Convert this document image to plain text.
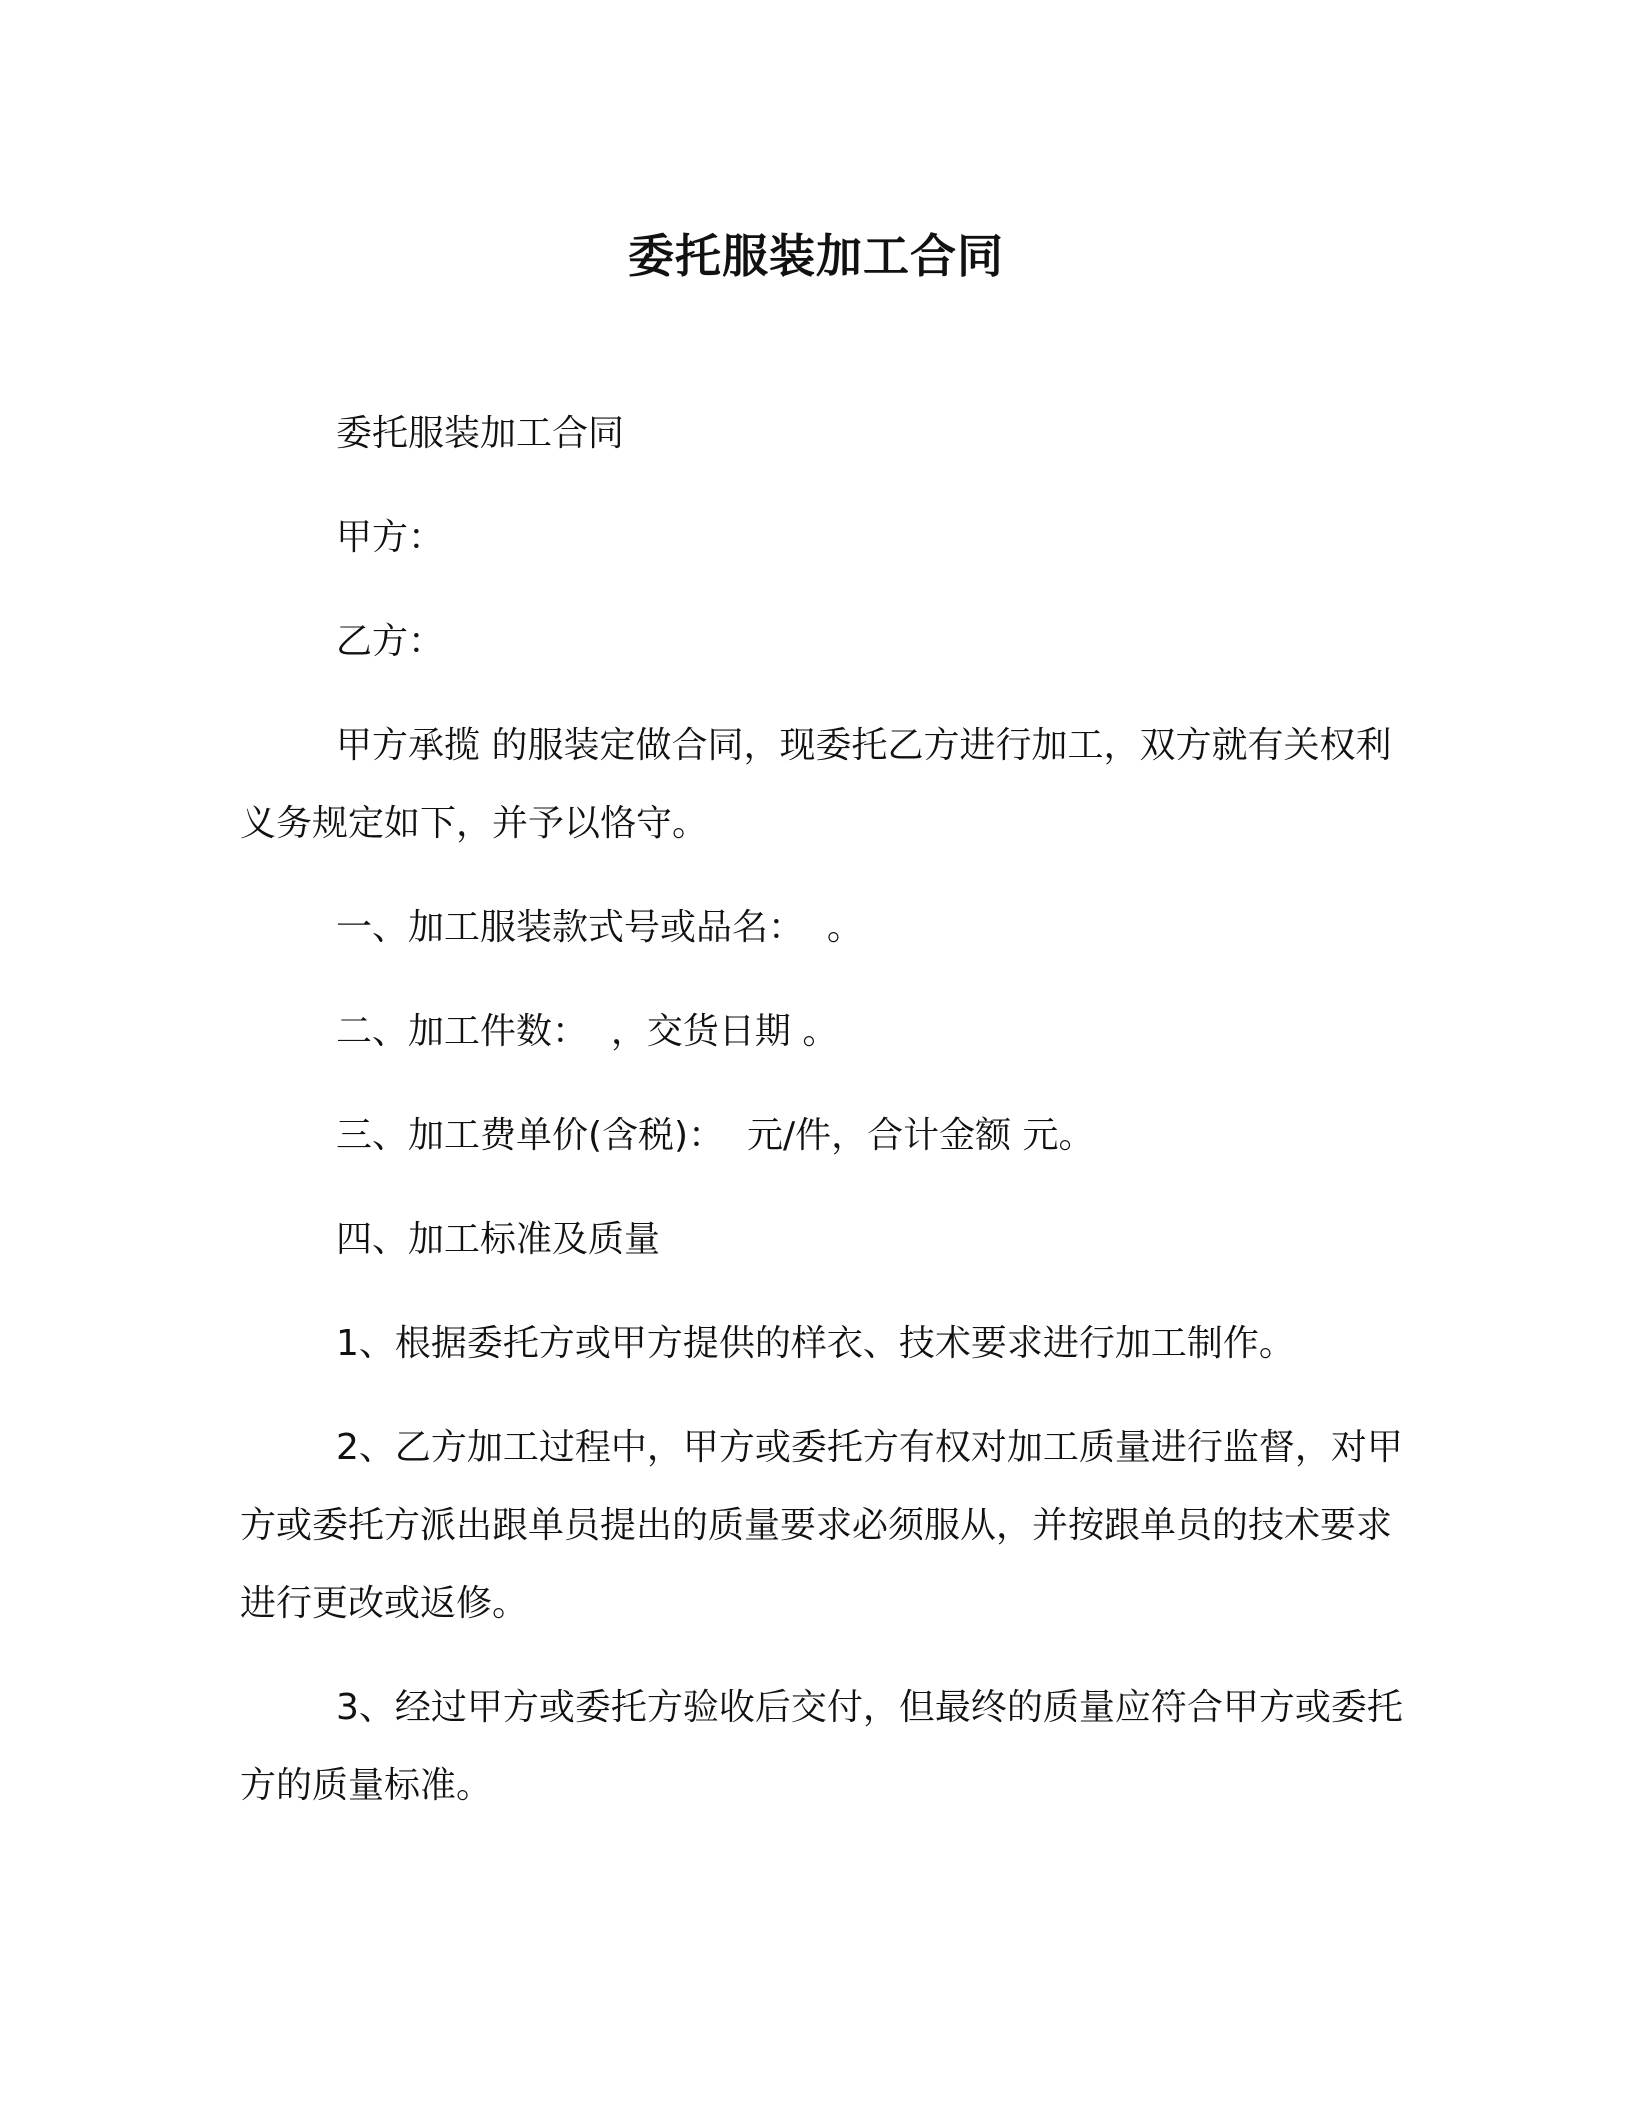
委托服装加工合同

委托服装加工合同

甲方：

乙方：

甲方承揽 的服装定做合同，现委托乙方进行加工，双方就有关权利义务规定如下，并予以恪守。

一、加工服装款式号或品名：  。

二、加工件数：  ，交货日期 。

三、加工费单价(含税)：  元/件，合计金额 元。

四、加工标准及质量

1、根据委托方或甲方提供的样衣、技术要求进行加工制作。

2、乙方加工过程中，甲方或委托方有权对加工质量进行监督，对甲方或委托方派出跟单员提出的质量要求必须服从，并按跟单员的技术要求进行更改或返修。

3、经过甲方或委托方验收后交付，但最终的质量应符合甲方或委托方的质量标准。
